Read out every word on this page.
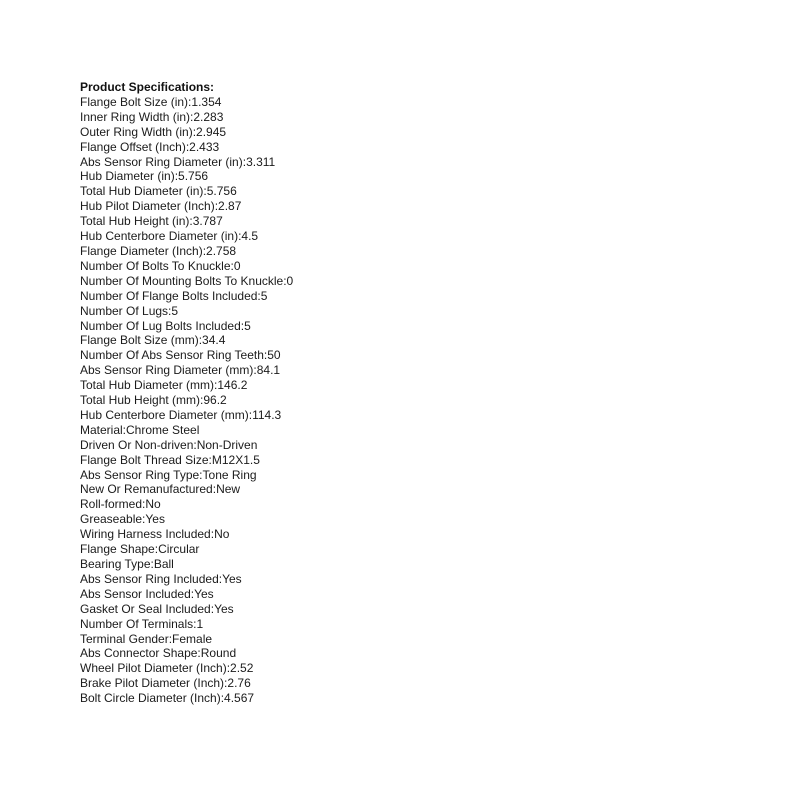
Product Specifications:
Flange Bolt Size (in):1.354
Inner Ring Width (in):2.283
Outer Ring Width (in):2.945
Flange Offset (Inch):2.433
Abs Sensor Ring Diameter (in):3.311
Hub Diameter (in):5.756
Total Hub Diameter (in):5.756
Hub Pilot Diameter (Inch):2.87
Total Hub Height (in):3.787
Hub Centerbore Diameter (in):4.5
Flange Diameter (Inch):2.758
Number Of Bolts To Knuckle:0
Number Of Mounting Bolts To Knuckle:0
Number Of Flange Bolts Included:5
Number Of Lugs:5
Number Of Lug Bolts Included:5
Flange Bolt Size (mm):34.4
Number Of Abs Sensor Ring Teeth:50
Abs Sensor Ring Diameter (mm):84.1
Total Hub Diameter (mm):146.2
Total Hub Height (mm):96.2
Hub Centerbore Diameter (mm):114.3
Material:Chrome Steel
Driven Or Non-driven:Non-Driven
Flange Bolt Thread Size:M12X1.5
Abs Sensor Ring Type:Tone Ring
New Or Remanufactured:New
Roll-formed:No
Greaseable:Yes
Wiring Harness Included:No
Flange Shape:Circular
Bearing Type:Ball
Abs Sensor Ring Included:Yes
Abs Sensor Included:Yes
Gasket Or Seal Included:Yes
Number Of Terminals:1
Terminal Gender:Female
Abs Connector Shape:Round
Wheel Pilot Diameter (Inch):2.52
Brake Pilot Diameter (Inch):2.76
Bolt Circle Diameter (Inch):4.567
